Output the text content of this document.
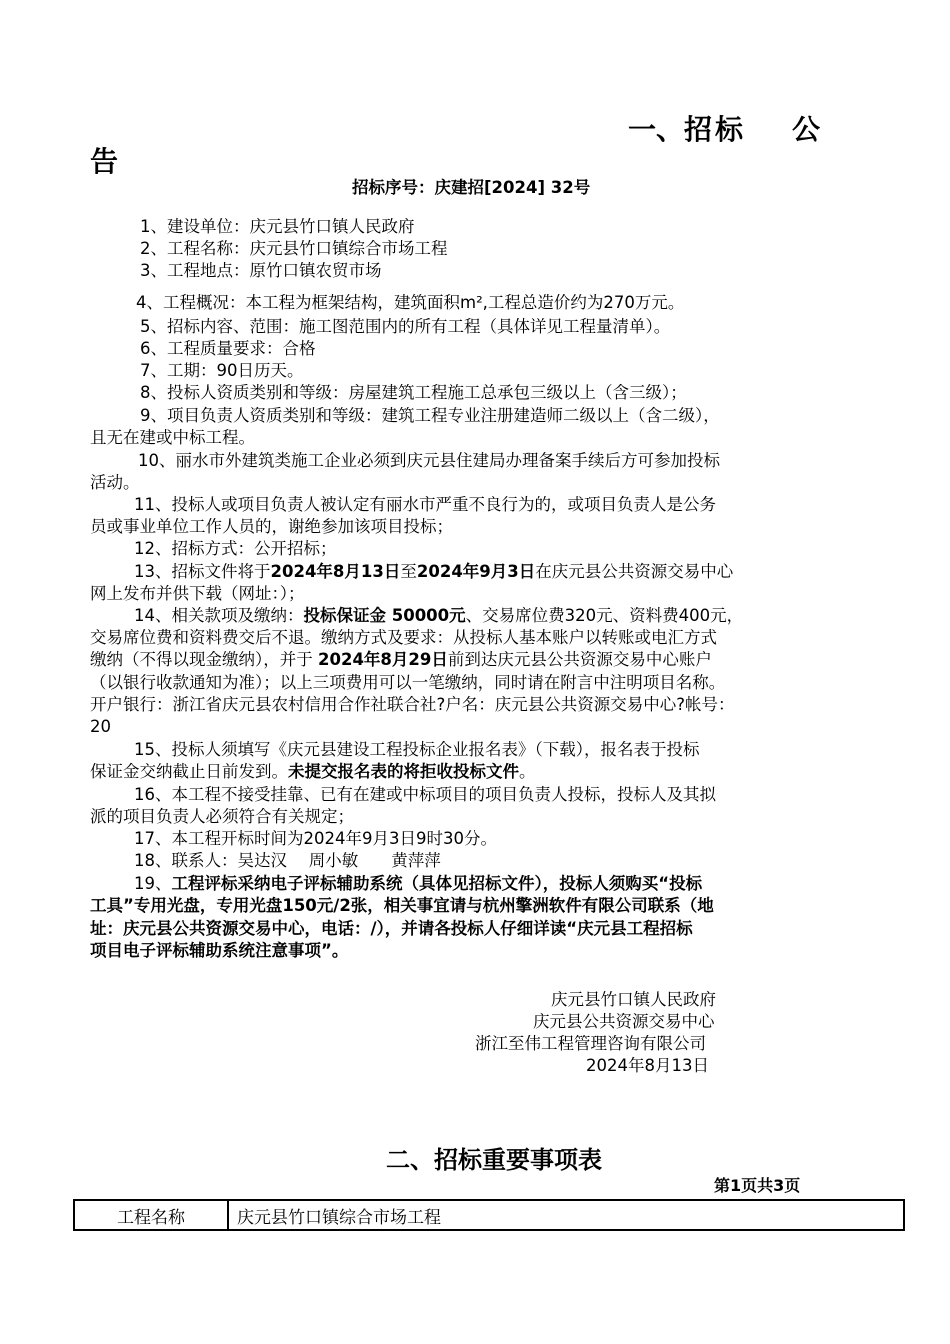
一、招 标 公
告
招标序号：庆建招[2024] 32号
1、建设单位：庆元县竹口镇人民政府
2、工程名称：庆元县竹口镇综合市场工程
3、工程地点：原竹口镇农贸市场
4、工程概况：本工程为框架结构，建筑面积m²,工程总造价约为270万元。
5、招标内容、范围：施工图范围内的所有工程（具体详见工程量清单）。
6、工程质量要求：合格
7、工期：90日历天。
8、投标人资质类别和等级：房屋建筑工程施工总承包三级以上（含三级）；
9、项目负责人资质类别和等级：建筑工程专业注册建造师二级以上（含二级），
且无在建或中标工程。
10、丽水市外建筑类施工企业必须到庆元县住建局办理备案手续后方可参加投标
活动。
11、投标人或项目负责人被认定有丽水市严重不良行为的，或项目负责人是公务
员或事业单位工作人员的，谢绝参加该项目投标；
12、招标方式：公开招标；
13、招标文件将于2024年8月13日至2024年9月3日在庆元县公共资源交易中心
网上发布并供下载（网址：）；
14、相关款项及缴纳：投标保证金 50000元、交易席位费320元、资料费400元，
交易席位费和资料费交后不退。缴纳方式及要求：从投标人基本账户以转账或电汇方式
缴纳（不得以现金缴纳），并于 2024年8月29日前到达庆元县公共资源交易中心账户
（以银行收款通知为准）；以上三项费用可以一笔缴纳，同时请在附言中注明项目名称。
开户银行：浙江省庆元县农村信用合作社联合社?户名：庆元县公共资源交易中心?帐号：
20
15、投标人须填写《庆元县建设工程投标企业报名表》（下载），报名表于投标
保证金交纳截止日前发到。未提交报名表的将拒收投标文件。
16、本工程不接受挂靠、已有在建或中标项目的项目负责人投标，投标人及其拟
派的项目负责人必须符合有关规定；
17、本工程开标时间为2024年9月3日9时30分。
18、联系人：吴达汉　 周小敏　　黄萍萍
19、工程评标采纳电子评标辅助系统（具体见招标文件），投标人须购买“投标
工具”专用光盘，专用光盘150元/2张，相关事宜请与杭州擎洲软件有限公司联系（地
址：庆元县公共资源交易中心，电话：/），并请各投标人仔细详读“庆元县工程招标
项目电子评标辅助系统注意事项”。
庆元县竹口镇人民政府
庆元县公共资源交易中心
浙江至伟工程管理咨询有限公司
2024年8月13日
二、招标重要事项表
第1页共3页
工程名称	庆元县竹口镇综合市场工程
